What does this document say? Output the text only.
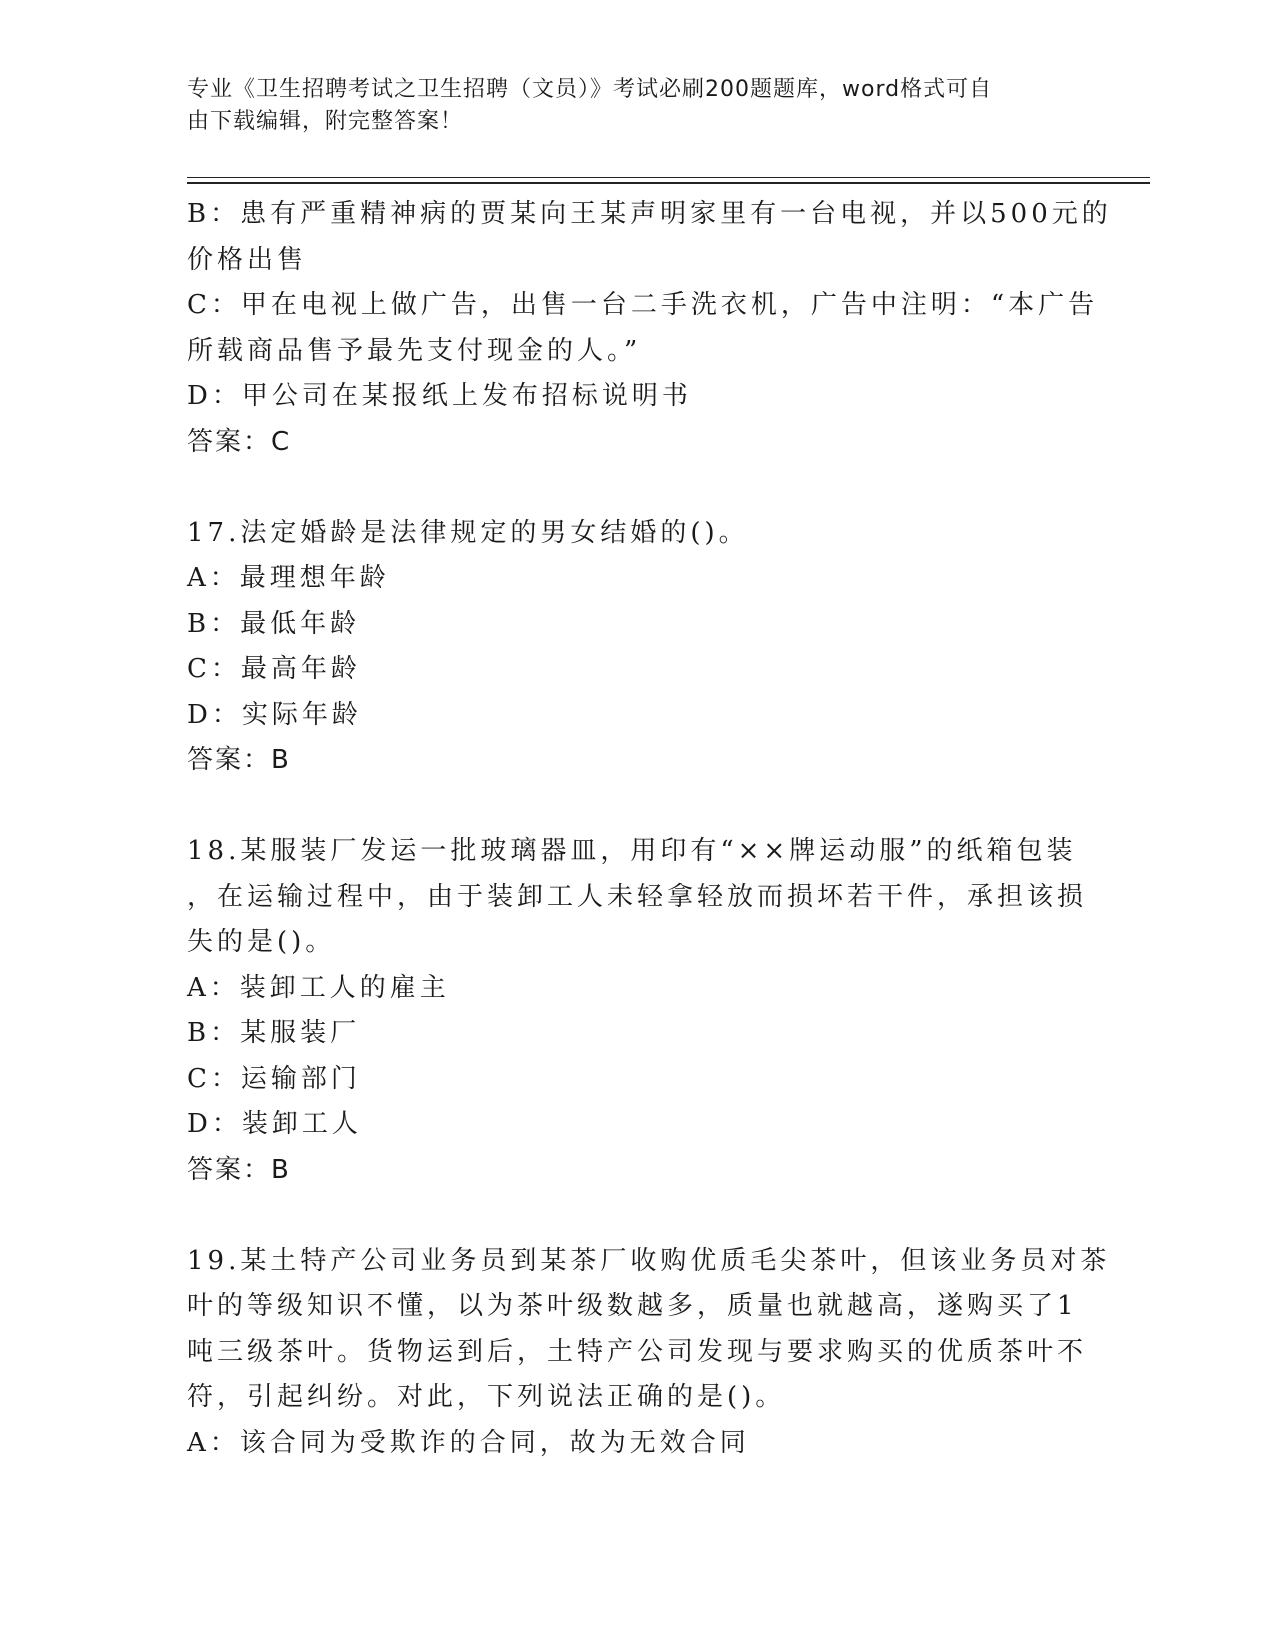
专业《卫生招聘考试之卫生招聘（文员）》考试必刷200题题库，word格式可自
由下载编辑，附完整答案！
B：患有严重精神病的贾某向王某声明家里有一台电视，并以500元的
价格出售
C：甲在电视上做广告，出售一台二手洗衣机，广告中注明：“本广告
所载商品售予最先支付现金的人。”
D：甲公司在某报纸上发布招标说明书
答案：C
17.法定婚龄是法律规定的男女结婚的()。
A：最理想年龄
B：最低年龄
C：最高年龄
D：实际年龄
答案：B
18.某服装厂发运一批玻璃器皿，用印有“××牌运动服”的纸箱包装
，在运输过程中，由于装卸工人未轻拿轻放而损坏若干件，承担该损
失的是()。
A：装卸工人的雇主
B：某服装厂
C：运输部门
D：装卸工人
答案：B
19.某土特产公司业务员到某茶厂收购优质毛尖茶叶，但该业务员对茶
叶的等级知识不懂，以为茶叶级数越多，质量也就越高，遂购买了1
吨三级茶叶。货物运到后，土特产公司发现与要求购买的优质茶叶不
符，引起纠纷。对此，下列说法正确的是()。
A：该合同为受欺诈的合同，故为无效合同
